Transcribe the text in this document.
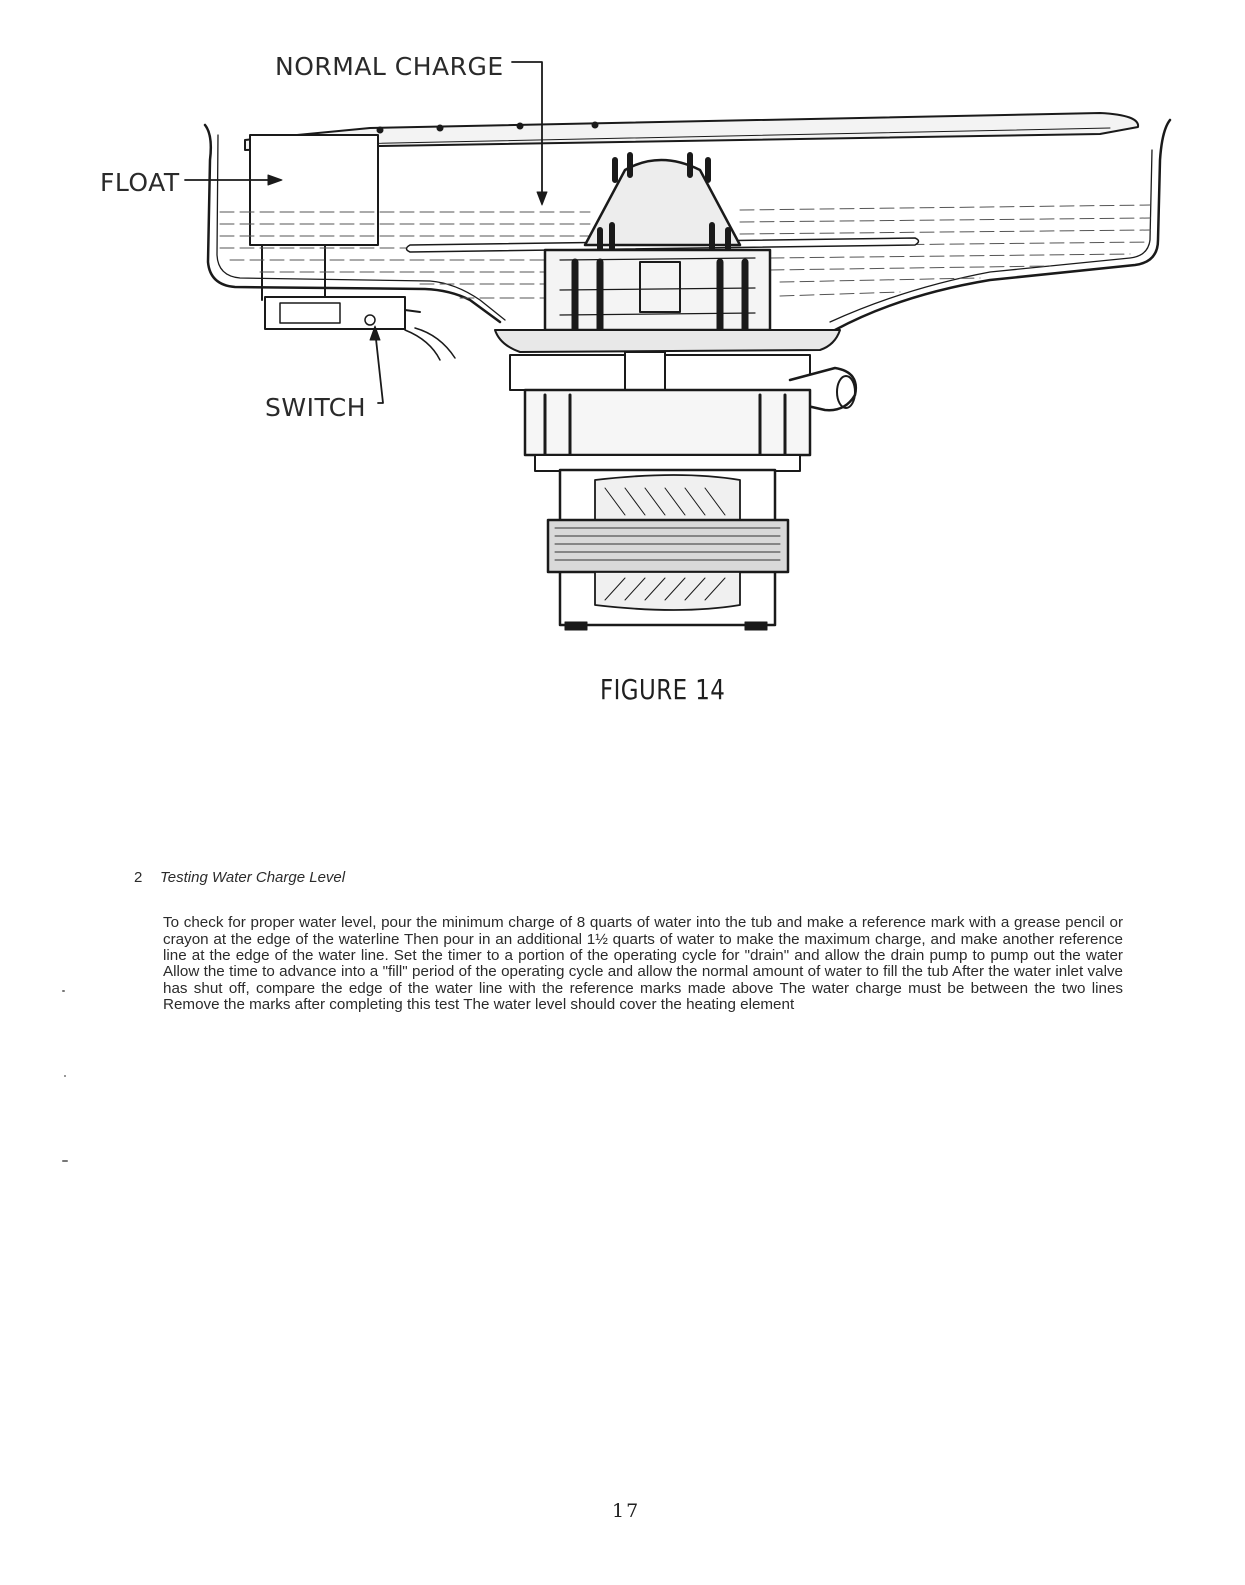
NORMAL CHARGE
FLOAT
SWITCH
FIGURE 14
2 Testing Water Charge Level

To check for proper water level, pour the minimum charge of 8 quarts of water into the tub and make a reference mark with a grease pencil or crayon at the edge of the waterline Then pour in an additional 1½ quarts of water to make the maximum charge, and make another reference line at the edge of the water line. Set the timer to a portion of the operating cycle for "drain" and allow the drain pump to pump out the water Allow the time to advance into a "fill" period of the operating cycle and allow the normal amount of water to fill the tub After the water inlet valve has shut off, compare the edge of the water line with the reference marks made above The water charge must be between the two lines Remove the marks after completing this test The water level should cover the heating element

17
